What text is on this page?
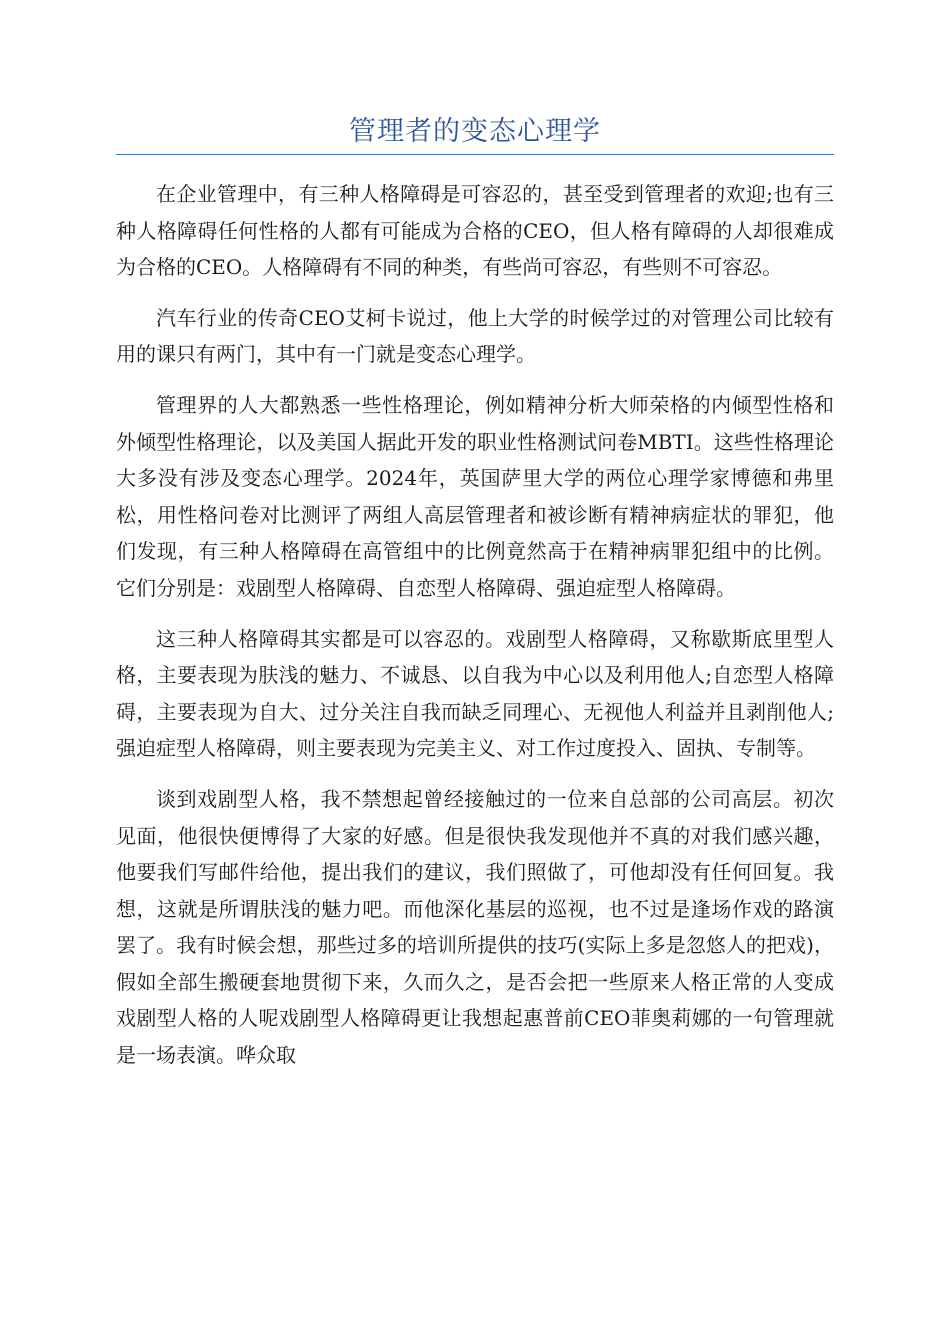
管理者的变态心理学

在企业管理中，有三种人格障碍是可容忍的，甚至受到管理者的欢迎;也有三种人格障碍任何性格的人都有可能成为合格的CEO，但人格有障碍的人却很难成为合格的CEO。人格障碍有不同的种类，有些尚可容忍，有些则不可容忍。

汽车行业的传奇CEO艾柯卡说过，他上大学的时候学过的对管理公司比较有用的课只有两门，其中有一门就是变态心理学。

管理界的人大都熟悉一些性格理论，例如精神分析大师荣格的内倾型性格和外倾型性格理论，以及美国人据此开发的职业性格测试问卷MBTI。这些性格理论大多没有涉及变态心理学。2024年，英国萨里大学的两位心理学家博德和弗里松，用性格问卷对比测评了两组人高层管理者和被诊断有精神病症状的罪犯，他们发现，有三种人格障碍在高管组中的比例竟然高于在精神病罪犯组中的比例。它们分别是：戏剧型人格障碍、自恋型人格障碍、强迫症型人格障碍。

这三种人格障碍其实都是可以容忍的。戏剧型人格障碍，又称歇斯底里型人格，主要表现为肤浅的魅力、不诚恳、以自我为中心以及利用他人;自恋型人格障碍，主要表现为自大、过分关注自我而缺乏同理心、无视他人利益并且剥削他人;强迫症型人格障碍，则主要表现为完美主义、对工作过度投入、固执、专制等。

谈到戏剧型人格，我不禁想起曾经接触过的一位来自总部的公司高层。初次见面，他很快便博得了大家的好感。但是很快我发现他并不真的对我们感兴趣，他要我们写邮件给他，提出我们的建议，我们照做了，可他却没有任何回复。我想，这就是所谓肤浅的魅力吧。而他深化基层的巡视，也不过是逢场作戏的路演罢了。我有时候会想，那些过多的培训所提供的技巧(实际上多是忽悠人的把戏)，假如全部生搬硬套地贯彻下来，久而久之，是否会把一些原来人格正常的人变成戏剧型人格的人呢戏剧型人格障碍更让我想起惠普前CEO菲奥莉娜的一句管理就是一场表演。哗众取
